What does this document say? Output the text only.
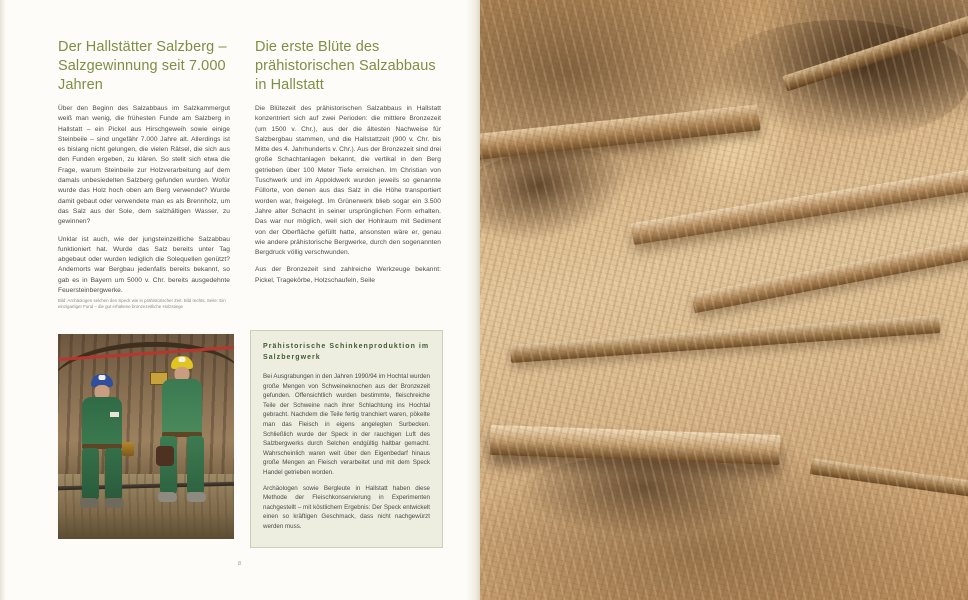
Der Hallstätter Salzberg – Salzgewinnung seit 7.000 Jahren

Über den Beginn des Salzabbaus im Salzkammergut weiß man wenig, die frühesten Funde am Salzberg in Hallstatt – ein Pickel aus Hirschgeweih sowie einige Steinbeile – sind ungefähr 7.000 Jahre alt. Allerdings ist es bislang nicht gelungen, die vielen Rätsel, die sich aus den Funden ergeben, zu klären. So stellt sich etwa die Frage, warum Steinbeile zur Holzverarbeitung auf dem damals unbesiedelten Salzberg gefunden wurden. Wofür wurde das Holz hoch oben am Berg verwendet? Wurde damit gebaut oder verwendete man es als Brennholz, um das Salz aus der Sole, dem salzhältigen Wasser, zu gewinnen?

Unklar ist auch, wie der jungsteinzeitliche Salzabbau funktioniert hat. Wurde das Salz bereits unter Tag abgebaut oder wurden lediglich die Solequellen genützt? Andernorts war Bergbau jedenfalls bereits bekannt, so gab es in Bayern um 5000 v. Chr. bereits ausgedehnte Feuersteinbergwerke.

Bild: Archäologen selchen den Speck wie in prähistorischer Zeit. Bild rechts, Seite: Ein einzigartiger Fund – die gut erhaltene bronzezeitliche Holzstiege
Die erste Blüte des prähistorischen Salzabbaus in Hallstatt

Die Blütezeit des prähistorischen Salzabbaus in Hallstatt konzentriert sich auf zwei Perioden: die mittlere Bronzezeit (um 1500 v. Chr.), aus der die ältesten Nachweise für Salzbergbau stammen, und die Hallstattzeit (900 v. Chr. bis Mitte des 4. Jahrhunderts v. Chr.). Aus der Bronzezeit sind drei große Schachtanlagen bekannt, die vertikal in den Berg getrieben über 100 Meter Tiefe erreichen. Im Christian von Tuschwerk und im Appoldwerk wurden jeweils so genannte Füllorte, von denen aus das Salz in die Höhe transportiert worden war, freigelegt. Im Grünerwerk blieb sogar ein 3.500 Jahre alter Schacht in seiner ursprünglichen Form erhalten. Das war nur möglich, weil sich der Hohlraum mit Sediment von der Oberfläche gefüllt hatte, ansonsten wäre er, genau wie andere prähistorische Bergwerke, durch den sogenannten Bergdruck völlig verschwunden.

Aus der Bronzezeit sind zahlreiche Werkzeuge bekannt: Pickel, Tragekörbe, Holzschaufeln, Seile

Prähistorische Schinkenproduktion im Salzbergwerk

Bei Ausgrabungen in den Jahren 1990/94 im Hochtal wurden große Mengen von Schweineknochen aus der Bronzezeit gefunden. Offensichtlich wurden bestimmte, fleischreiche Teile der Schweine nach ihrer Schlachtung ins Hochtal gebracht. Nachdem die Teile fertig tranchiert waren, pökelte man das Fleisch in eigens angelegten Surbecken. Schließlich wurde der Speck in der rauchigen Luft des Salzbergwerks durch Selchen endgültig haltbar gemacht. Wahrscheinlich waren weit über den Eigenbedarf hinaus große Mengen an Fleisch verarbeitet und mit dem Speck Handel getrieben worden.

Archäologen sowie Bergleute in Hallstatt haben diese Methode der Fleischkonservierung in Experimenten nachgestellt – mit köstlichem Ergebnis: Der Speck entwickelt einen so kräftigen Geschmack, dass nicht nachgewürzt werden muss.

8
